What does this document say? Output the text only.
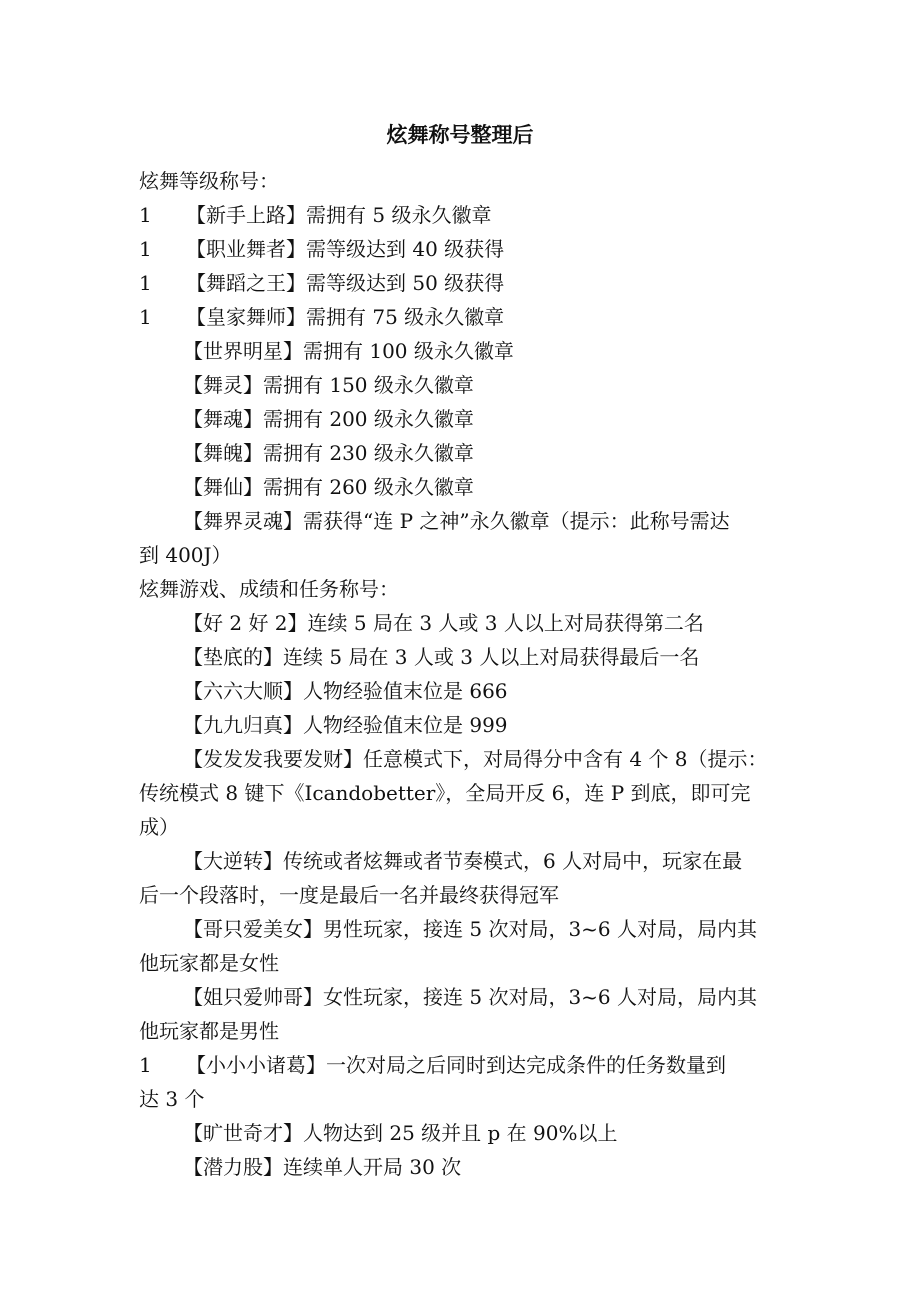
炫舞称号整理后
炫舞等级称号：
1 【新手上路】需拥有 5 级永久徽章
1 【职业舞者】需等级达到 40 级获得
1 【舞蹈之王】需等级达到 50 级获得
1 【皇家舞师】需拥有 75 级永久徽章
【世界明星】需拥有 100 级永久徽章
【舞灵】需拥有 150 级永久徽章
【舞魂】需拥有 200 级永久徽章
【舞魄】需拥有 230 级永久徽章
【舞仙】需拥有 260 级永久徽章
【舞界灵魂】需获得“连 P 之神”永久徽章（提示：此称号需达
到 400J）
炫舞游戏、成绩和任务称号：
【好 2 好 2】连续 5 局在 3 人或 3 人以上对局获得第二名
【垫底的】连续 5 局在 3 人或 3 人以上对局获得最后一名
【六六大顺】人物经验值末位是 666
【九九归真】人物经验值末位是 999
【发发发我要发财】任意模式下，对局得分中含有 4 个 8（提示：
传统模式 8 键下《Icandobetter》，全局开反 6，连 P 到底，即可完
成）
【大逆转】传统或者炫舞或者节奏模式，6 人对局中，玩家在最
后一个段落时，一度是最后一名并最终获得冠军
【哥只爱美女】男性玩家，接连 5 次对局，3~6 人对局，局内其
他玩家都是女性
【姐只爱帅哥】女性玩家，接连 5 次对局，3~6 人对局，局内其
他玩家都是男性
1 【小小小诸葛】一次对局之后同时到达完成条件的任务数量到
达 3 个
【旷世奇才】人物达到 25 级并且 p 在 90%以上
【潜力股】连续单人开局 30 次
